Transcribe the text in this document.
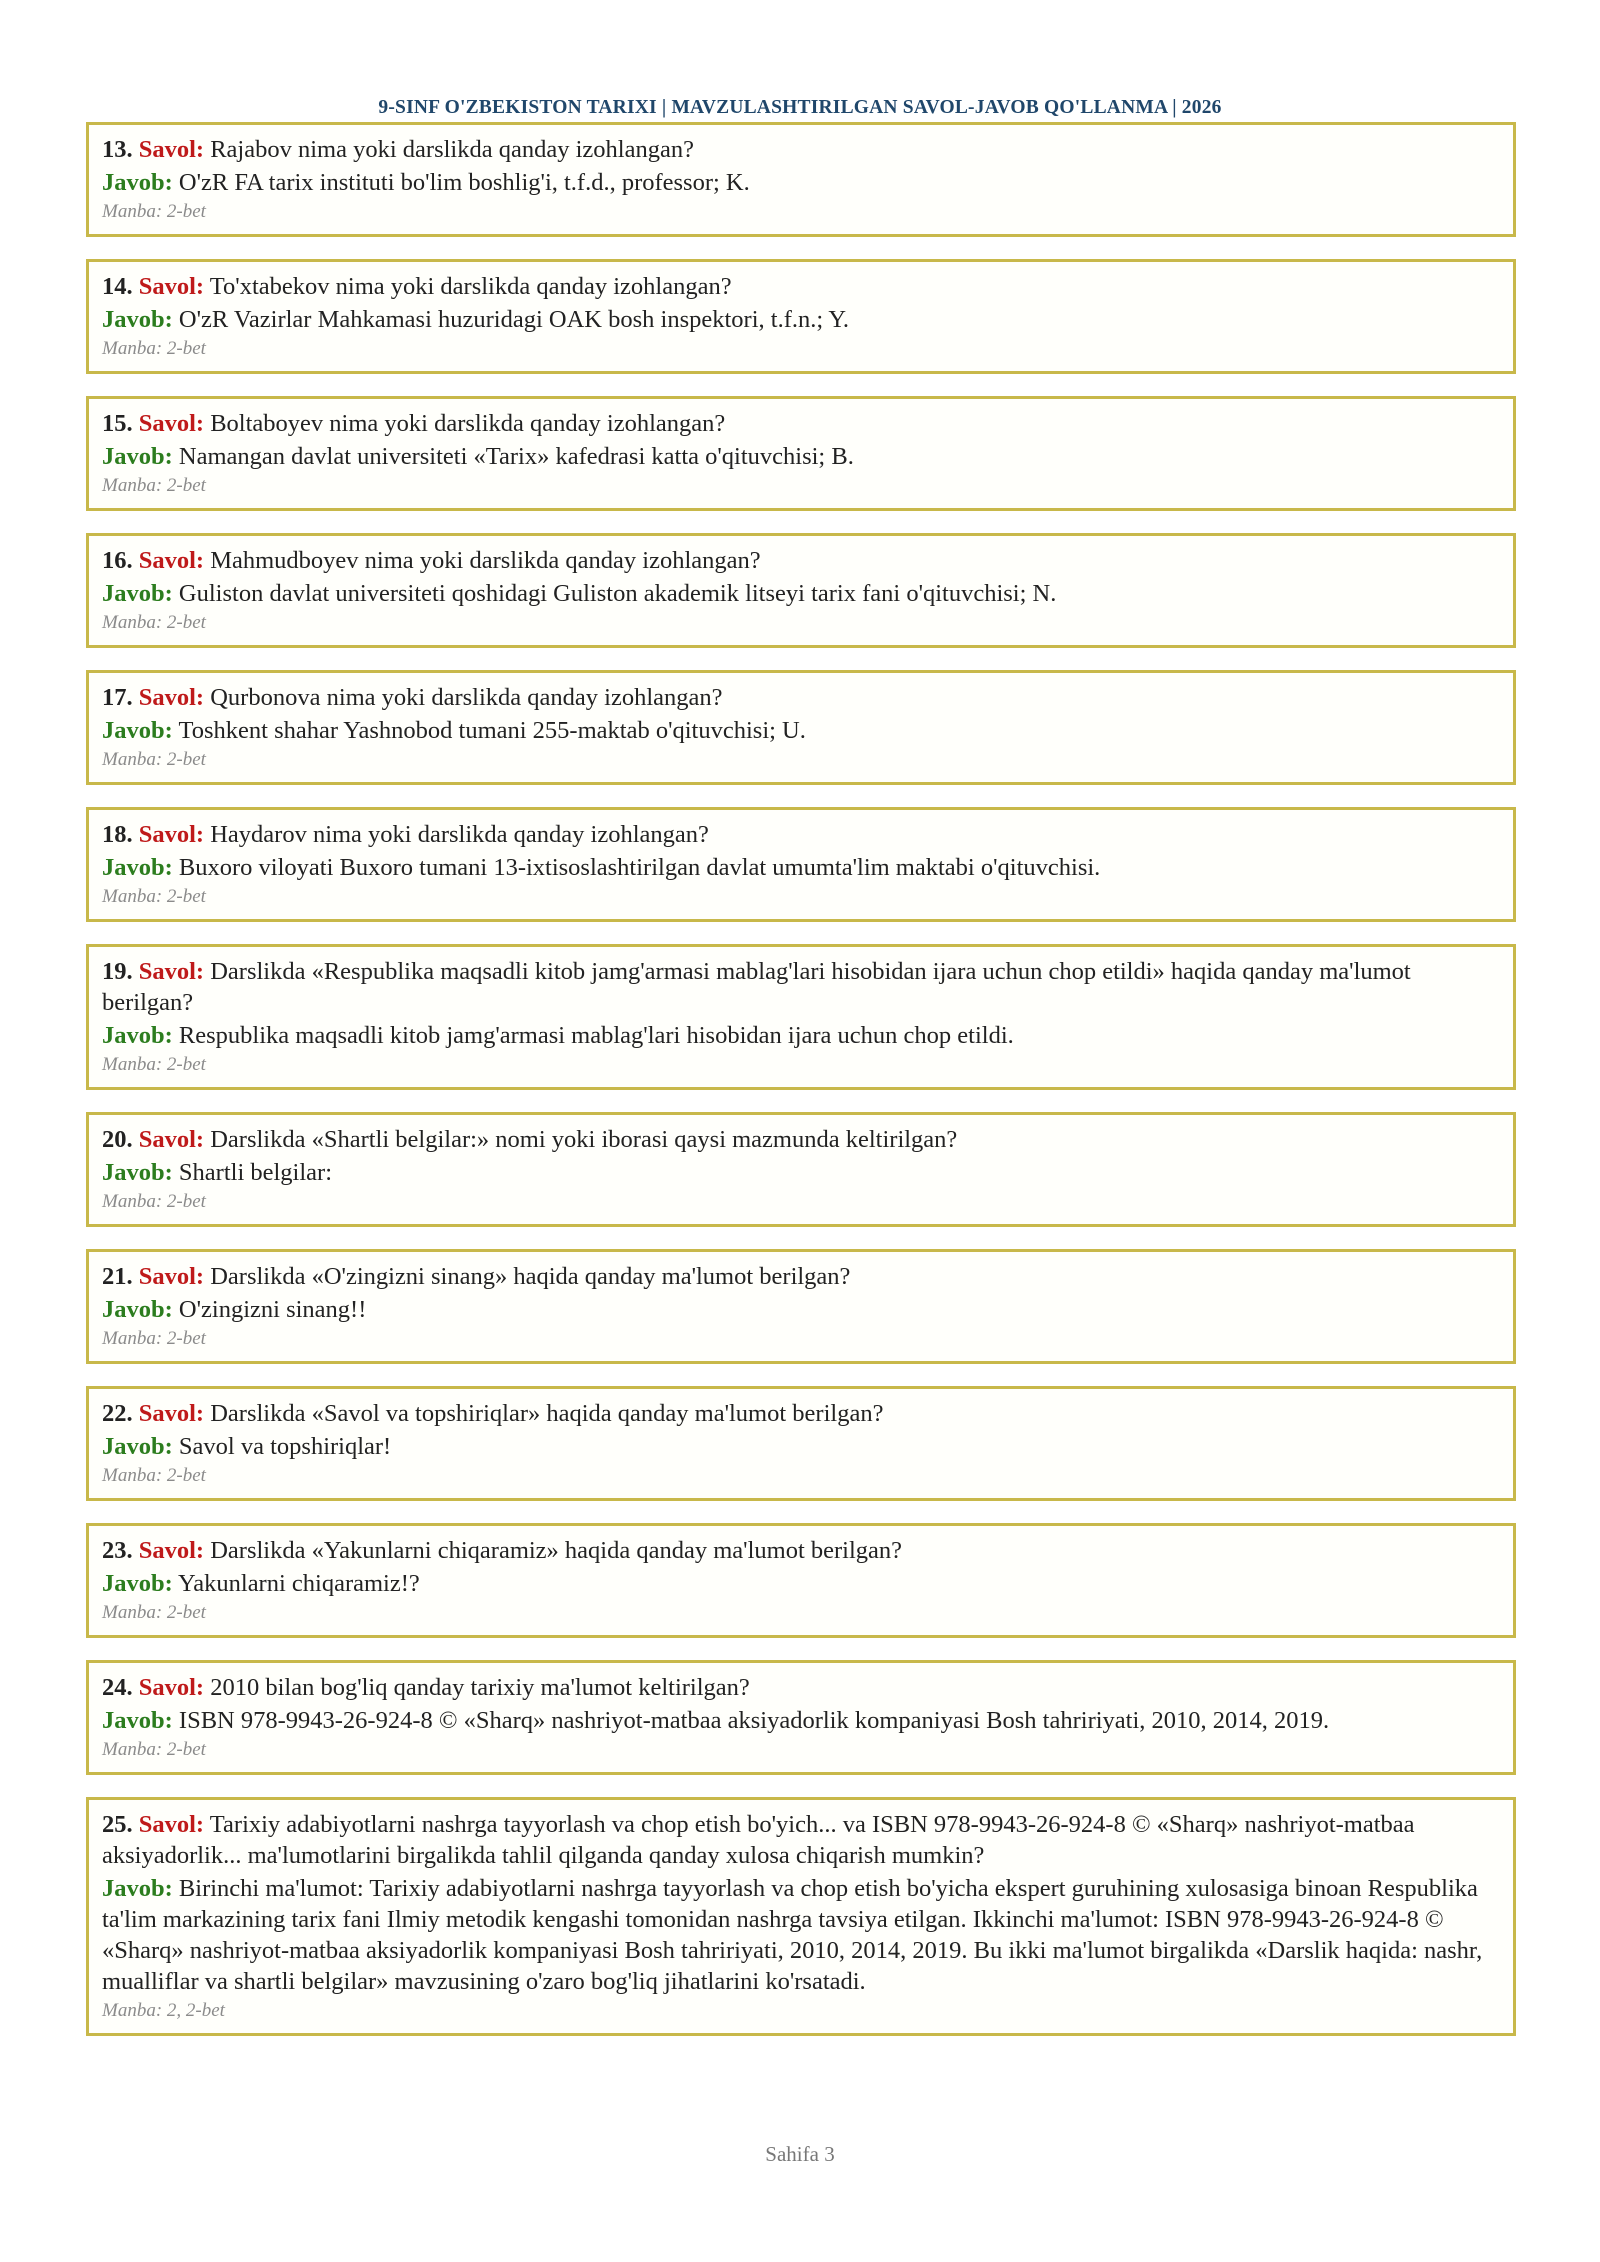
9-SINF O'ZBEKISTON TARIXI | MAVZULASHTIRILGAN SAVOL-JAVOB QO'LLANMA | 2026
13. Savol: Rajabov nima yoki darslikda qanday izohlangan?
Javob: O'zR FA tarix instituti bo'lim boshlig'i, t.f.d., professor; K.
Manba: 2-bet
14. Savol: To'xtabekov nima yoki darslikda qanday izohlangan?
Javob: O'zR Vazirlar Mahkamasi huzuridagi OAK bosh inspektori, t.f.n.; Y.
Manba: 2-bet
15. Savol: Boltaboyev nima yoki darslikda qanday izohlangan?
Javob: Namangan davlat universiteti «Tarix» kafedrasi katta o'qituvchisi; B.
Manba: 2-bet
16. Savol: Mahmudboyev nima yoki darslikda qanday izohlangan?
Javob: Guliston davlat universiteti qoshidagi Guliston akademik litseyi tarix fani o'qituvchisi; N.
Manba: 2-bet
17. Savol: Qurbonova nima yoki darslikda qanday izohlangan?
Javob: Toshkent shahar Yashnobod tumani 255-maktab o'qituvchisi; U.
Manba: 2-bet
18. Savol: Haydarov nima yoki darslikda qanday izohlangan?
Javob: Buxoro viloyati Buxoro tumani 13-ixtisoslashtirilgan davlat umumta'lim maktabi o'qituvchisi.
Manba: 2-bet
19. Savol: Darslikda «Respublika maqsadli kitob jamg'armasi mablag'lari hisobidan ijara uchun chop etildi» haqida qanday ma'lumot berilgan?
Javob: Respublika maqsadli kitob jamg'armasi mablag'lari hisobidan ijara uchun chop etildi.
Manba: 2-bet
20. Savol: Darslikda «Shartli belgilar:» nomi yoki iborasi qaysi mazmunda keltirilgan?
Javob: Shartli belgilar:
Manba: 2-bet
21. Savol: Darslikda «O'zingizni sinang» haqida qanday ma'lumot berilgan?
Javob: O'zingizni sinang!!
Manba: 2-bet
22. Savol: Darslikda «Savol va topshiriqlar» haqida qanday ma'lumot berilgan?
Javob: Savol va topshiriqlar!
Manba: 2-bet
23. Savol: Darslikda «Yakunlarni chiqaramiz» haqida qanday ma'lumot berilgan?
Javob: Yakunlarni chiqaramiz!?
Manba: 2-bet
24. Savol: 2010 bilan bog'liq qanday tarixiy ma'lumot keltirilgan?
Javob: ISBN 978-9943-26-924-8 © «Sharq» nashriyot-matbaa aksiyadorlik kompaniyasi Bosh tahririyati, 2010, 2014, 2019.
Manba: 2-bet
25. Savol: Tarixiy adabiyotlarni nashrga tayyorlash va chop etish bo'yich... va ISBN 978-9943-26-924-8 © «Sharq» nashriyot-matbaa aksiyadorlik... ma'lumotlarini birgalikda tahlil qilganda qanday xulosa chiqarish mumkin?
Javob: Birinchi ma'lumot: Tarixiy adabiyotlarni nashrga tayyorlash va chop etish bo'yicha ekspert guruhining xulosasiga binoan Respublika ta'lim markazining tarix fani Ilmiy metodik kengashi tomonidan nashrga tavsiya etilgan. Ikkinchi ma'lumot: ISBN 978-9943-26-924-8 © «Sharq» nashriyot-matbaa aksiyadorlik kompaniyasi Bosh tahririyati, 2010, 2014, 2019. Bu ikki ma'lumot birgalikda «Darslik haqida: nashr, mualliflar va shartli belgilar» mavzusining o'zaro bog'liq jihatlarini ko'rsatadi.
Manba: 2, 2-bet
Sahifa 3
